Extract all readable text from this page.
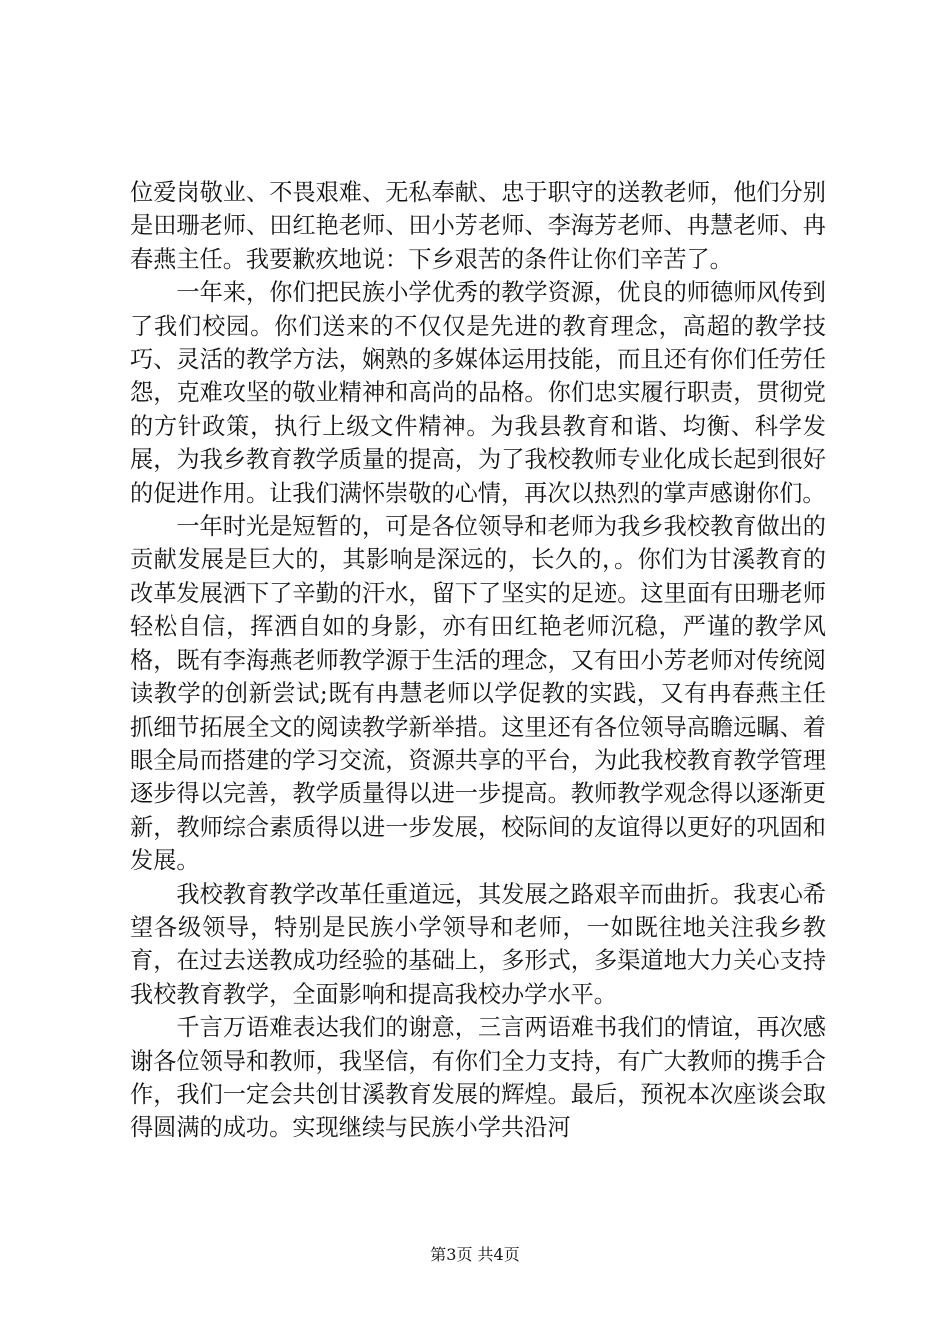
位爱岗敬业、不畏艰难、无私奉献、忠于职守的送教老师，他们分别是田珊老师、田红艳老师、田小芳老师、李海芳老师、冉慧老师、冉春燕主任。我要歉疚地说：下乡艰苦的条件让你们辛苦了。

一年来，你们把民族小学优秀的教学资源，优良的师德师风传到了我们校园。你们送来的不仅仅是先进的教育理念，高超的教学技巧、灵活的教学方法，娴熟的多媒体运用技能，而且还有你们任劳任怨，克难攻坚的敬业精神和高尚的品格。你们忠实履行职责，贯彻党的方针政策，执行上级文件精神。为我县教育和谐、均衡、科学发展，为我乡教育教学质量的提高，为了我校教师专业化成长起到很好的促进作用。让我们满怀崇敬的心情，再次以热烈的掌声感谢你们。

一年时光是短暂的，可是各位领导和老师为我乡我校教育做出的贡献发展是巨大的，其影响是深远的，长久的，。你们为甘溪教育的改革发展洒下了辛勤的汗水，留下了坚实的足迹。这里面有田珊老师轻松自信，挥洒自如的身影，亦有田红艳老师沉稳，严谨的教学风格，既有李海燕老师教学源于生活的理念，又有田小芳老师对传统阅读教学的创新尝试;既有冉慧老师以学促教的实践，又有冉春燕主任抓细节拓展全文的阅读教学新举措。这里还有各位领导高瞻远瞩、着眼全局而搭建的学习交流，资源共享的平台，为此我校教育教学管理逐步得以完善，教学质量得以进一步提高。教师教学观念得以逐渐更新，教师综合素质得以进一步发展，校际间的友谊得以更好的巩固和发展。

我校教育教学改革任重道远，其发展之路艰辛而曲折。我衷心希望各级领导，特别是民族小学领导和老师，一如既往地关注我乡教育，在过去送教成功经验的基础上，多形式，多渠道地大力关心支持我校教育教学，全面影响和提高我校办学水平。

千言万语难表达我们的谢意，三言两语难书我们的情谊，再次感谢各位领导和教师，我坚信，有你们全力支持，有广大教师的携手合作，我们一定会共创甘溪教育发展的辉煌。最后，预祝本次座谈会取得圆满的成功。实现继续与民族小学共沿河

第3页 共4页
